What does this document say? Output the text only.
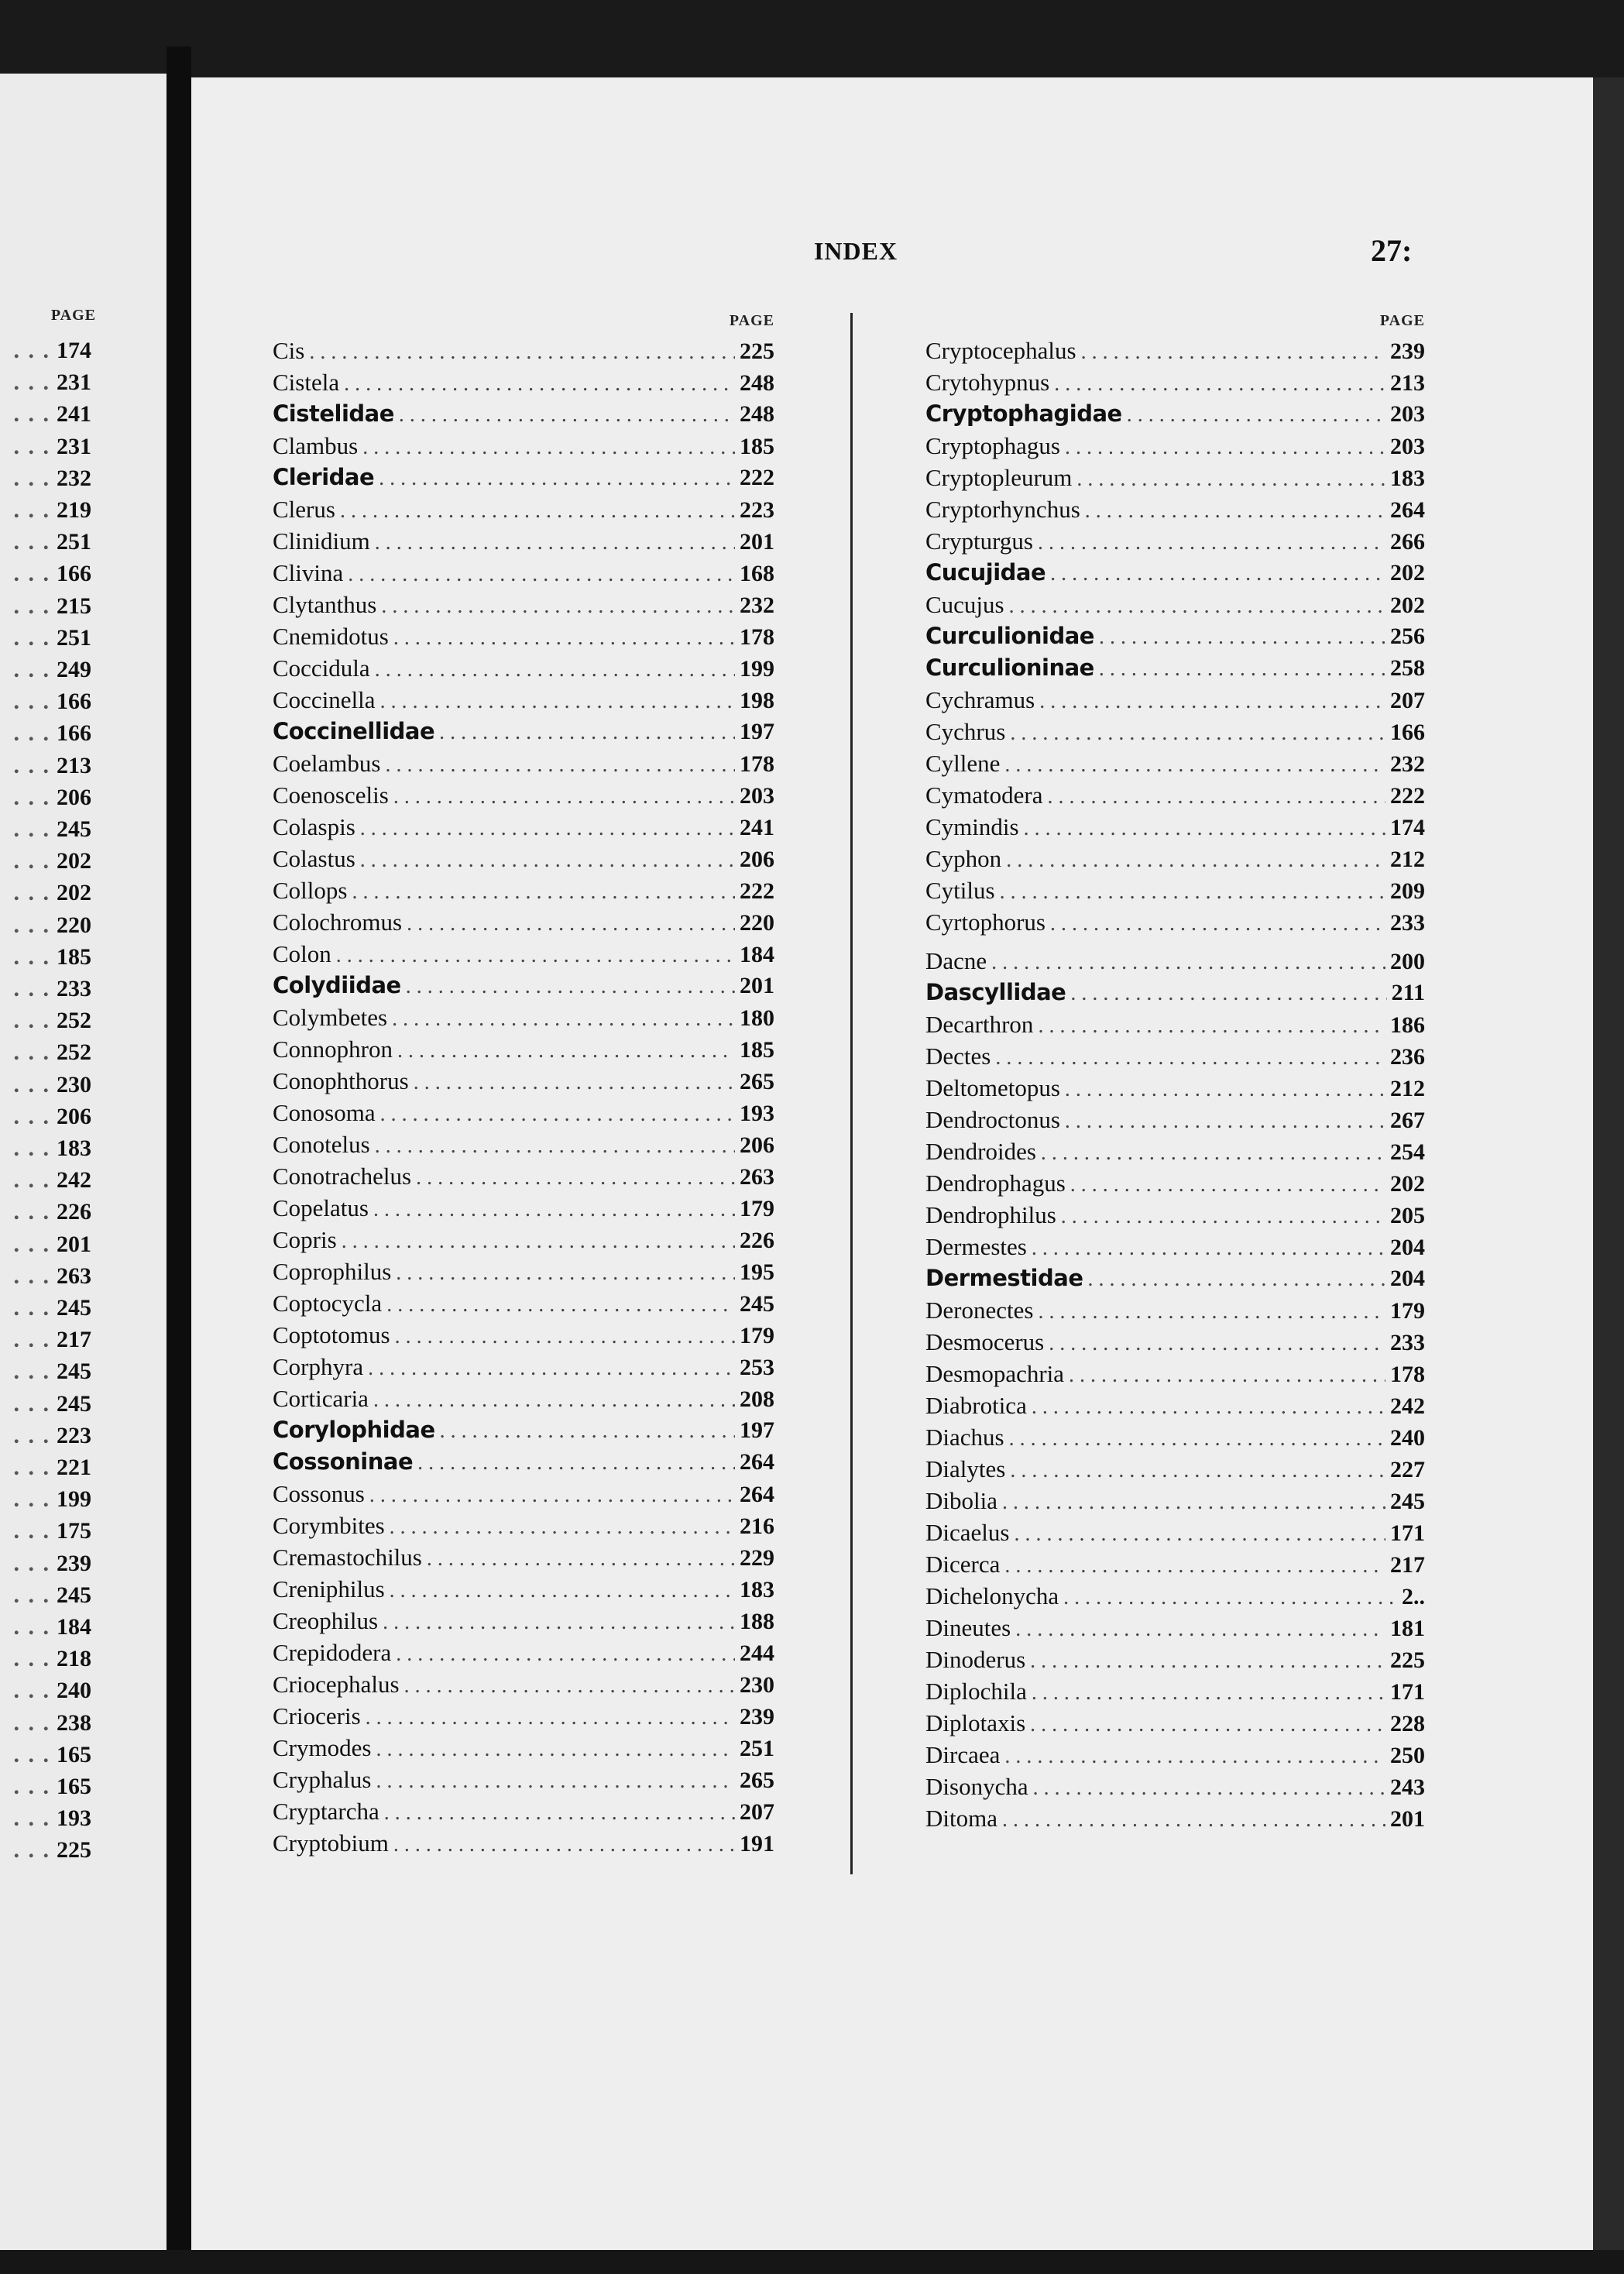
PAGE
. . . 174
. . . 231
. . . 241
. . . 231
. . . 232
. . . 219
. . . 251
. . . 166
. . . 215
. . . 251
. . . 249
. . . 166
. . . 166
. . . 213
. . . 206
. . . 245
. . . 202
. . . 202
. . . 220
. . . 185
. . . 233
. . . 252
. . . 252
. . . 230
. . . 206
. . . 183
. . . 242
. . . 226
. . . 201
. . . 263
. . . 245
. . . 217
. . . 245
. . . 245
. . . 223
. . . 221
. . . 199
. . . 175
. . . 239
. . . 245
. . . 184
. . . 218
. . . 240
. . . 238
. . . 165
. . . 165
. . . 193
. . . 225
INDEX	27:
PAGE
Cis . . .	225
Cistela . . .	248
Cistelidae . . .	248
Clambus . . .	185
Cleridae . . .	222
Clerus . . .	223
Clinidium . . .	201
Clivina . . .	168
Clytanthus . . .	232
Cnemidotus . . .	178
Coccidula . . .	199
Coccinella . . .	198
Coccinellidae . . .	197
Coelambus . . .	178
Coenoscelis . . .	203
Colaspis . . .	241
Colastus . . .	206
Collops . . .	222
Colochromus . . .	220
Colon . . .	184
Colydiidae . . .	201
Colymbetes . . .	180
Connophron . . .	185
Conophthorus . . .	265
Conosoma . . .	193
Conotelus . . .	206
Conotrachelus . . .	263
Copelatus . . .	179
Copris . . .	226
Coprophilus . . .	195
Coptocycla . . .	245
Coptotomus . . .	179
Corphyra . . .	253
Corticaria . . .	208
Corylophidae . . .	197
Cossoninae . . .	264
Cossonus . . .	264
Corymbites . . .	216
Cremastochilus . . .	229
Creniphilus . . .	183
Creophilus . . .	188
Crepidodera . . .	244
Criocephalus . . .	230
Crioceris . . .	239
Crymodes . . .	251
Cryphalus . . .	265
Cryptarcha . . .	207
Cryptobium . . .	191
PAGE
Cryptocephalus . . .	239
Crytohypnus . . .	213
Cryptophagidae . . .	203
Cryptophagus . . .	203
Cryptopleurum . . .	183
Cryptorhynchus . . .	264
Crypturgus . . .	266
Cucujidae . . .	202
Cucujus . . .	202
Curculionidae . . .	256
Curculioninae . . .	258
Cychramus . . .	207
Cychrus . . .	166
Cyllene . . .	232
Cymatodera . . .	222
Cymindis . . .	174
Cyphon . . .	212
Cytilus . . .	209
Cyrtophorus . . .	233
Dacne . . .	200
Dascyllidae . . .	211
Decarthron . . .	186
Dectes . . .	236
Deltometopus . . .	212
Dendroctonus . . .	267
Dendroides . . .	254
Dendrophagus . . .	202
Dendrophilus . . .	205
Dermestes . . .	204
Dermestidae . . .	204
Deronectes . . .	179
Desmocerus . . .	233
Desmopachria . . .	178
Diabrotica . . .	242
Diachus . . .	240
Dialytes . . .	227
Dibolia . . .	245
Dicaelus . . .	171
Dicerca . . .	217
Dichelonycha . . .	2..
Dineutes . . .	181
Dinoderus . . .	225
Diplochila . . .	171
Diplotaxis . . .	228
Dircaea . . .	250
Disonycha . . .	243
Ditoma . . .	201
